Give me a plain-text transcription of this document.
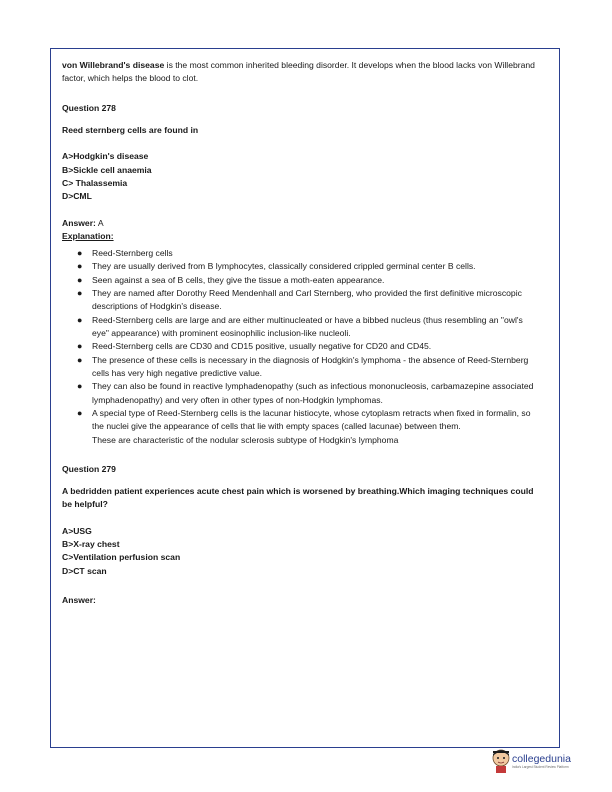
von Willebrand's disease is the most common inherited bleeding disorder. It develops when the blood lacks von Willebrand factor, which helps the blood to clot.

Question 278

Reed sternberg cells are found in

A>Hodgkin's disease

B>Sickle cell anaemia

C> Thalassemia

D>CML

Answer: A

Explanation:

● Reed-Sternberg cells
● They are usually derived from B lymphocytes, classically considered crippled germinal center B cells.
● Seen against a sea of B cells, they give the tissue a moth-eaten appearance.
● They are named after Dorothy Reed Mendenhall and Carl Sternberg, who provided the first definitive microscopic descriptions of Hodgkin's disease.
● Reed-Sternberg cells are large and are either multinucleated or have a bibbed nucleus (thus resembling an "owl's eye" appearance) with prominent eosinophilic inclusion-like nucleoli.
● Reed-Sternberg cells are CD30 and CD15 positive, usually negative for CD20 and CD45.
● The presence of these cells is necessary in the diagnosis of Hodgkin's lymphoma - the absence of Reed-Sternberg cells has very high negative predictive value.
● They can also be found in reactive lymphadenopathy (such as infectious mononucleosis, carbamazepine associated lymphadenopathy) and very often in other types of non-Hodgkin lymphomas.
● A special type of Reed-Sternberg cells is the lacunar histiocyte, whose cytoplasm retracts when fixed in formalin, so the nuclei give the appearance of cells that lie with empty spaces (called lacunae) between them.

These are characteristic of the nodular sclerosis subtype of Hodgkin's lymphoma

Question 279

A bedridden patient experiences acute chest pain which is worsened by breathing.Which imaging techniques could be helpful?

A>USG

B>X-ray chest

C>Ventilation perfusion scan

D>CT scan

Answer:

collegedunia
India's Largest Student Review Platform
